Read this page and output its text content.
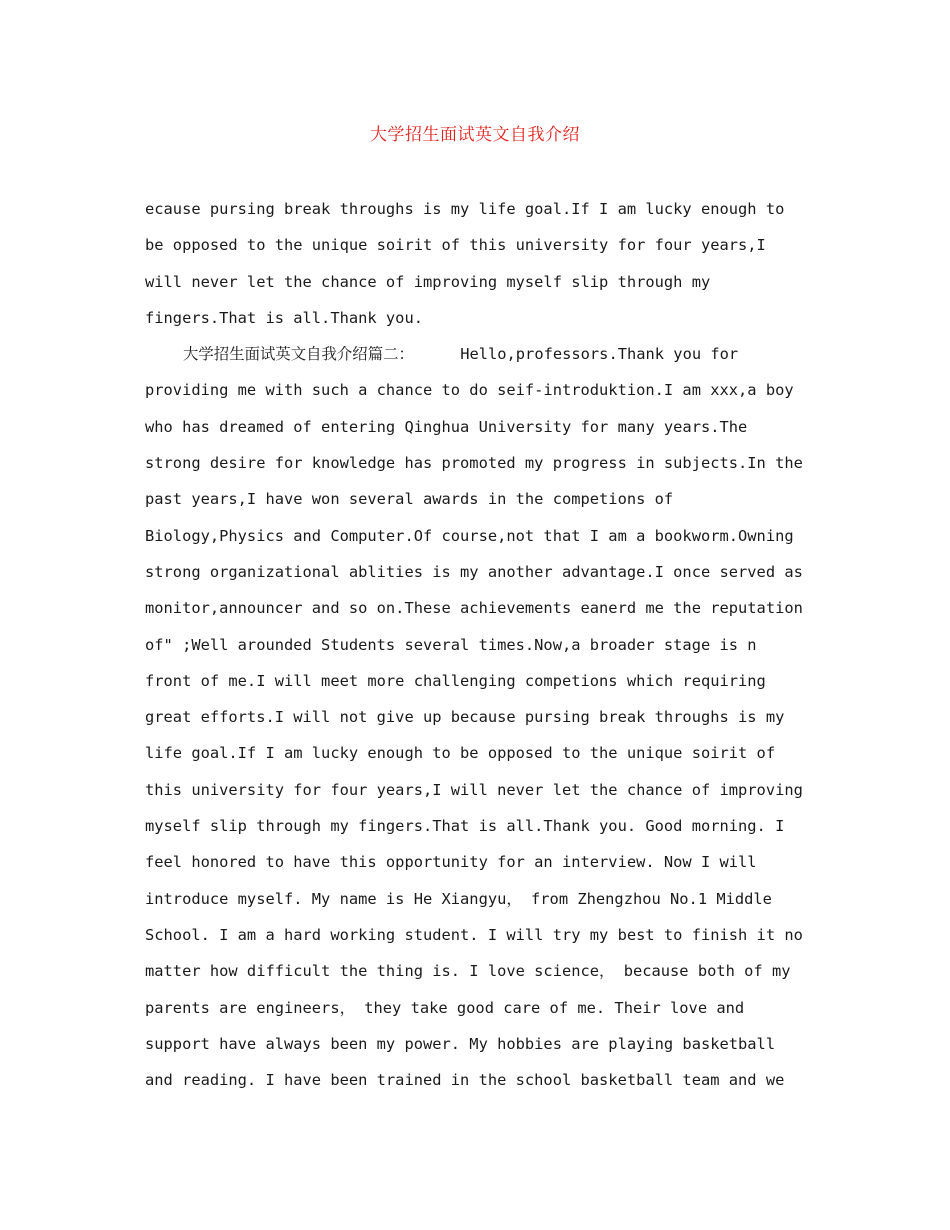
大学招生面试英文自我介绍
ecause pursing break throughs is my life goal.If I am lucky enough to
be opposed to the unique soirit of this university for four years,I
will never let the chance of improving myself slip through my
fingers.That is all.Thank you.
大学招生面试英文自我介绍篇二：     Hello,professors.Thank you for
providing me with such a chance to do seif-introduktion.I am xxx,a boy
who has dreamed of entering Qinghua University for many years.The
strong desire for knowledge has promoted my progress in subjects.In the
past years,I have won several awards in the competions of
Biology,Physics and Computer.Of course,not that I am a bookworm.Owning
strong organizational ablities is my another advantage.I once served as
monitor,announcer and so on.These achievements eanerd me the reputation
of" ;Well arounded Students several times.Now,a broader stage is n
front of me.I will meet more challenging competions which requiring
great efforts.I will not give up because pursing break throughs is my
life goal.If I am lucky enough to be opposed to the unique soirit of
this university for four years,I will never let the chance of improving
myself slip through my fingers.That is all.Thank you. Good morning. I
feel honored to have this opportunity for an interview. Now I will
introduce myself. My name is He Xiangyu， from Zhengzhou No.1 Middle
School. I am a hard working student. I will try my best to finish it no
matter how difficult the thing is. I love science， because both of my
parents are engineers， they take good care of me. Their love and
support have always been my power. My hobbies are playing basketball
and reading. I have been trained in the school basketball team and we
